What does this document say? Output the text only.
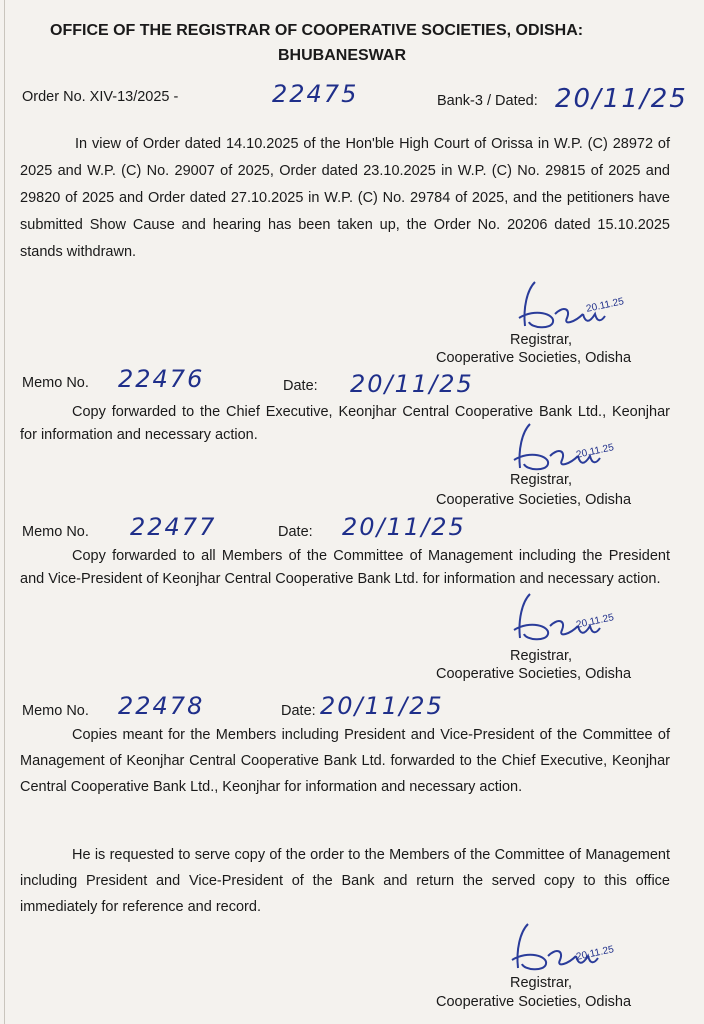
OFFICE OF THE REGISTRAR OF COOPERATIVE SOCIETIES, ODISHA:
BHUBANESWAR
Order No. XIV-13/2025 -	22475	Bank-3 / Dated: 20/11/25
In view of Order dated 14.10.2025 of the Hon'ble High Court of Orissa in W.P. (C) 28972 of 2025 and W.P. (C) No. 29007 of 2025, Order dated 23.10.2025 in W.P. (C) No. 29815 of 2025 and 29820 of 2025 and Order dated 27.10.2025 in W.P. (C) No. 29784 of 2025, and the petitioners have submitted Show Cause and hearing has been taken up, the Order No. 20206 dated 15.10.2025 stands withdrawn.
20.11.25
Registrar,
Cooperative Societies, Odisha
Memo No. 22476	Date: 20/11/25
Copy forwarded to the Chief Executive, Keonjhar Central Cooperative Bank Ltd., Keonjhar for information and necessary action.
20.11.25
Registrar,
Cooperative Societies, Odisha
Memo No. 22477	Date: 20/11/25
Copy forwarded to all Members of the Committee of Management including the President and Vice-President of Keonjhar Central Cooperative Bank Ltd. for information and necessary action.
20.11.25
Registrar,
Cooperative Societies, Odisha
Memo No. 22478	Date: 20/11/25
Copies meant for the Members including President and Vice-President of the Committee of Management of Keonjhar Central Cooperative Bank Ltd. forwarded to the Chief Executive, Keonjhar Central Cooperative Bank Ltd., Keonjhar for information and necessary action.
He is requested to serve copy of the order to the Members of the Committee of Management including President and Vice-President of the Bank and return the served copy to this office immediately for reference and record.
20.11.25
Registrar,
Cooperative Societies, Odisha
